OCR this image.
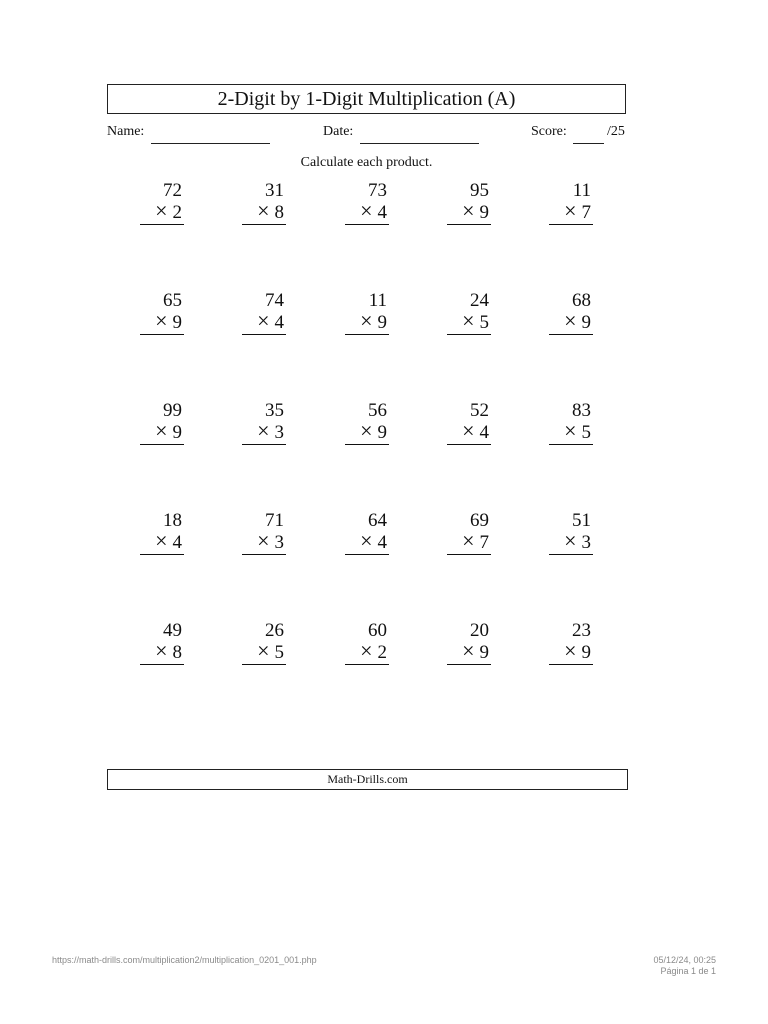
2-Digit by 1-Digit Multiplication (A)
Name:	Date:	Score:	/25
Calculate each product.
72
× 2
31
× 8
73
× 4
95
× 9
11
× 7
65
× 9
74
× 4
11
× 9
24
× 5
68
× 9
99
× 9
35
× 3
56
× 9
52
× 4
83
× 5
18
× 4
71
× 3
64
× 4
69
× 7
51
× 3
49
× 8
26
× 5
60
× 2
20
× 9
23
× 9
Math-Drills.com
https://math-drills.com/multiplication2/multiplication_0201_001.php	05/12/24, 00:25
Página 1 de 1
